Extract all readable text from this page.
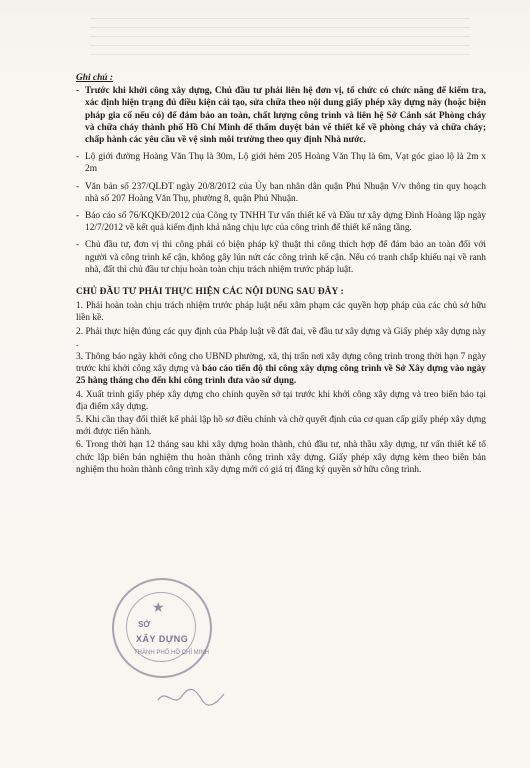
Ghi chú :
- Trước khi khởi công xây dựng, Chủ đầu tư phải liên hệ đơn vị, tổ chức có chức năng để kiểm tra, xác định hiện trạng đủ điều kiện cải tạo, sửa chữa theo nội dung giấy phép xây dựng này (hoặc biện pháp gia cố nếu có) để đảm bảo an toàn, chất lượng công trình và liên hệ Sở Cảnh sát Phòng cháy và chữa cháy thành phố Hồ Chí Minh để thẩm duyệt bản vẽ thiết kế về phòng cháy và chữa cháy; chấp hành các yêu cầu về vệ sinh môi trường theo quy định Nhà nước.
- Lộ giới đường Hoàng Văn Thụ là 30m, Lộ giới hẻm 205 Hoàng Văn Thụ là 6m, Vạt góc giao lộ là 2m x 2m
- Văn bản số 237/QLĐT ngày 20/8/2012 của Ủy ban nhân dân quận Phú Nhuận V/v thông tin quy hoạch nhà số 207 Hoàng Văn Thụ, phường 8, quận Phú Nhuận.
- Báo cáo số 76/KQKĐ/2012 của Công ty TNHH Tư vấn thiết kế và Đầu tư xây dựng Đình Hoàng lập ngày 12/7/2012 về kết quả kiểm định khả năng chịu lực của công trình để thiết kế nâng tầng.
- Chủ đầu tư, đơn vị thi công phải có biện pháp kỹ thuật thi công thích hợp để đảm bảo an toàn đối với người và công trình kế cận, không gây lún nứt các công trình kế cận. Nếu có tranh chấp khiếu nại về ranh nhà, đất thì chủ đầu tư chịu hoàn toàn chịu trách nhiệm trước pháp luật.
CHỦ ĐẦU TƯ PHẢI THỰC HIỆN CÁC NỘI DUNG SAU ĐÂY :
1. Phải hoàn toàn chịu trách nhiệm trước pháp luật nếu xâm phạm các quyền hợp pháp của các chủ sở hữu liền kề.
2. Phải thực hiện đúng các quy định của Pháp luật về đất đai, về đầu tư xây dựng và Giấy phép xây dựng này .
3. Thông báo ngày khởi công cho UBND phường, xã, thị trấn nơi xây dựng công trình trong thời hạn 7 ngày trước khi khởi công xây dựng và báo cáo tiến độ thi công xây dựng công trình về Sở Xây dựng vào ngày 25 hàng tháng cho đến khi công trình đưa vào sử dụng.
4. Xuất trình giấy phép xây dựng cho chính quyền sở tại trước khi khởi công xây dựng và treo biển báo tại địa điểm xây dựng.
5. Khi cần thay đổi thiết kế phải lập hồ sơ điều chỉnh và chờ quyết định của cơ quan cấp giấy phép xây dựng mới được tiến hành.
6. Trong thời hạn 12 tháng sau khi xây dựng hoàn thành, chủ đầu tư, nhà thầu xây dựng, tư vấn thiết kế tổ chức lập biên bản nghiệm thu hoàn thành công trình xây dựng. Giấy phép xây dựng kèm theo biên bản nghiệm thu hoàn thành công trình xây dựng mới có giá trị đăng ký quyền sở hữu công trình.
★
SỞ
XÂY DỰNG
THÀNH PHỐ HỒ CHÍ MINH
